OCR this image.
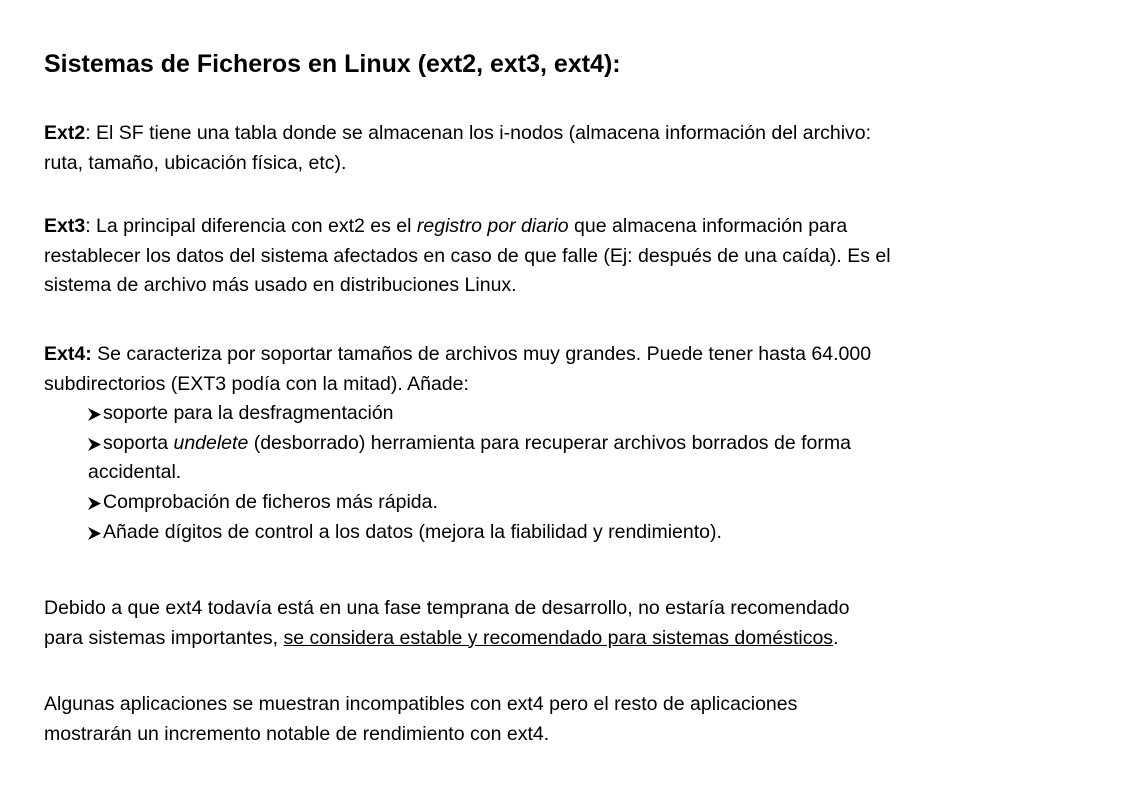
Sistemas de Ficheros en Linux (ext2, ext3, ext4):

Ext2: El SF tiene una tabla donde se almacenan los i-nodos (almacena información del archivo:

ruta, tamaño, ubicación física, etc).

Ext3: La principal diferencia con ext2 es el registro por diario que almacena información para

restablecer los datos del sistema afectados en caso de que falle (Ej: después de una caída). Es el

sistema de archivo más usado en distribuciones Linux.

Ext4: Se caracteriza por soportar tamaños de archivos muy grandes. Puede tener hasta 64.000

subdirectorios (EXT3 podía con la mitad). Añade:

soporte para la desfragmentación
soporta undelete (desborrado) herramienta para recuperar archivos borrados de forma
accidental.
Comprobación de ficheros más rápida.
Añade dígitos de control a los datos (mejora la fiabilidad y rendimiento).

Debido a que ext4 todavía está en una fase temprana de desarrollo, no estaría recomendado

para sistemas importantes, se considera estable y recomendado para sistemas domésticos.

Algunas aplicaciones se muestran incompatibles con ext4 pero el resto de aplicaciones

mostrarán un incremento notable de rendimiento con ext4.
